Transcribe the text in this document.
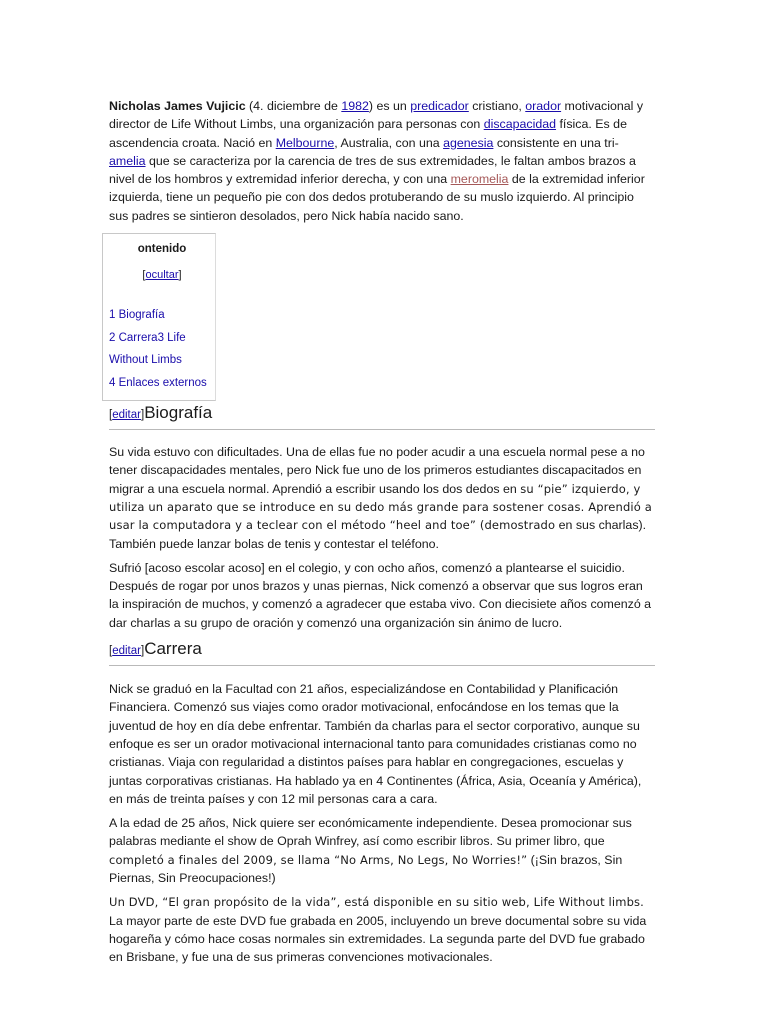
Nicholas James Vujicic (4. diciembre de 1982) es un predicador cristiano, orador motivacional y director de Life Without Limbs, una organización para personas con discapacidad física. Es de ascendencia croata. Nació en Melbourne, Australia, con una agenesia consistente en una tri-amelia que se caracteriza por la carencia de tres de sus extremidades, le faltan ambos brazos a nivel de los hombros y extremidad inferior derecha, y con una meromelia de la extremidad inferior izquierda, tiene un pequeño pie con dos dedos protuberando de su muslo izquierdo. Al principio sus padres se sintieron desolados, pero Nick había nacido sano.

ontenido
[ocultar]
1 Biografía
2 Carrera3 Life Without Limbs
4 Enlaces externos
[editar]Biografía

Su vida estuvo con dificultades. Una de ellas fue no poder acudir a una escuela normal pese a no tener discapacidades mentales, pero Nick fue uno de los primeros estudiantes discapacitados en migrar a una escuela normal. Aprendió a escribir usando los dos dedos en su “pie” izquierdo, y utiliza un aparato que se introduce en su dedo más grande para sostener cosas. Aprendió a usar la computadora y a teclear con el método “heel and toe” (demostrado en sus charlas). También puede lanzar bolas de tenis y contestar el teléfono.

Sufrió [acoso escolar acoso] en el colegio, y con ocho años, comenzó a plantearse el suicidio. Después de rogar por unos brazos y unas piernas, Nick comenzó a observar que sus logros eran la inspiración de muchos, y comenzó a agradecer que estaba vivo. Con diecisiete años comenzó a dar charlas a su grupo de oración y comenzó una organización sin ánimo de lucro.

[editar]Carrera

Nick se graduó en la Facultad con 21 años, especializándose en Contabilidad y Planificación Financiera. Comenzó sus viajes como orador motivacional, enfocándose en los temas que la juventud de hoy en día debe enfrentar. También da charlas para el sector corporativo, aunque su enfoque es ser un orador motivacional internacional tanto para comunidades cristianas como no cristianas. Viaja con regularidad a distintos países para hablar en congregaciones, escuelas y juntas corporativas cristianas. Ha hablado ya en 4 Continentes (África, Asia, Oceanía y América), en más de treinta países y con 12 mil personas cara a cara.

A la edad de 25 años, Nick quiere ser económicamente independiente. Desea promocionar sus palabras mediante el show de Oprah Winfrey, así como escribir libros. Su primer libro, que completó a finales del 2009, se llama “No Arms, No Legs, No Worries!” (¡Sin brazos, Sin Piernas, Sin Preocupaciones!)

Un DVD, “El gran propósito de la vida”, está disponible en su sitio web, Life Without limbs. La mayor parte de este DVD fue grabada en 2005, incluyendo un breve documental sobre su vida hogareña y cómo hace cosas normales sin extremidades. La segunda parte del DVD fue grabado en Brisbane, y fue una de sus primeras convenciones motivacionales.
